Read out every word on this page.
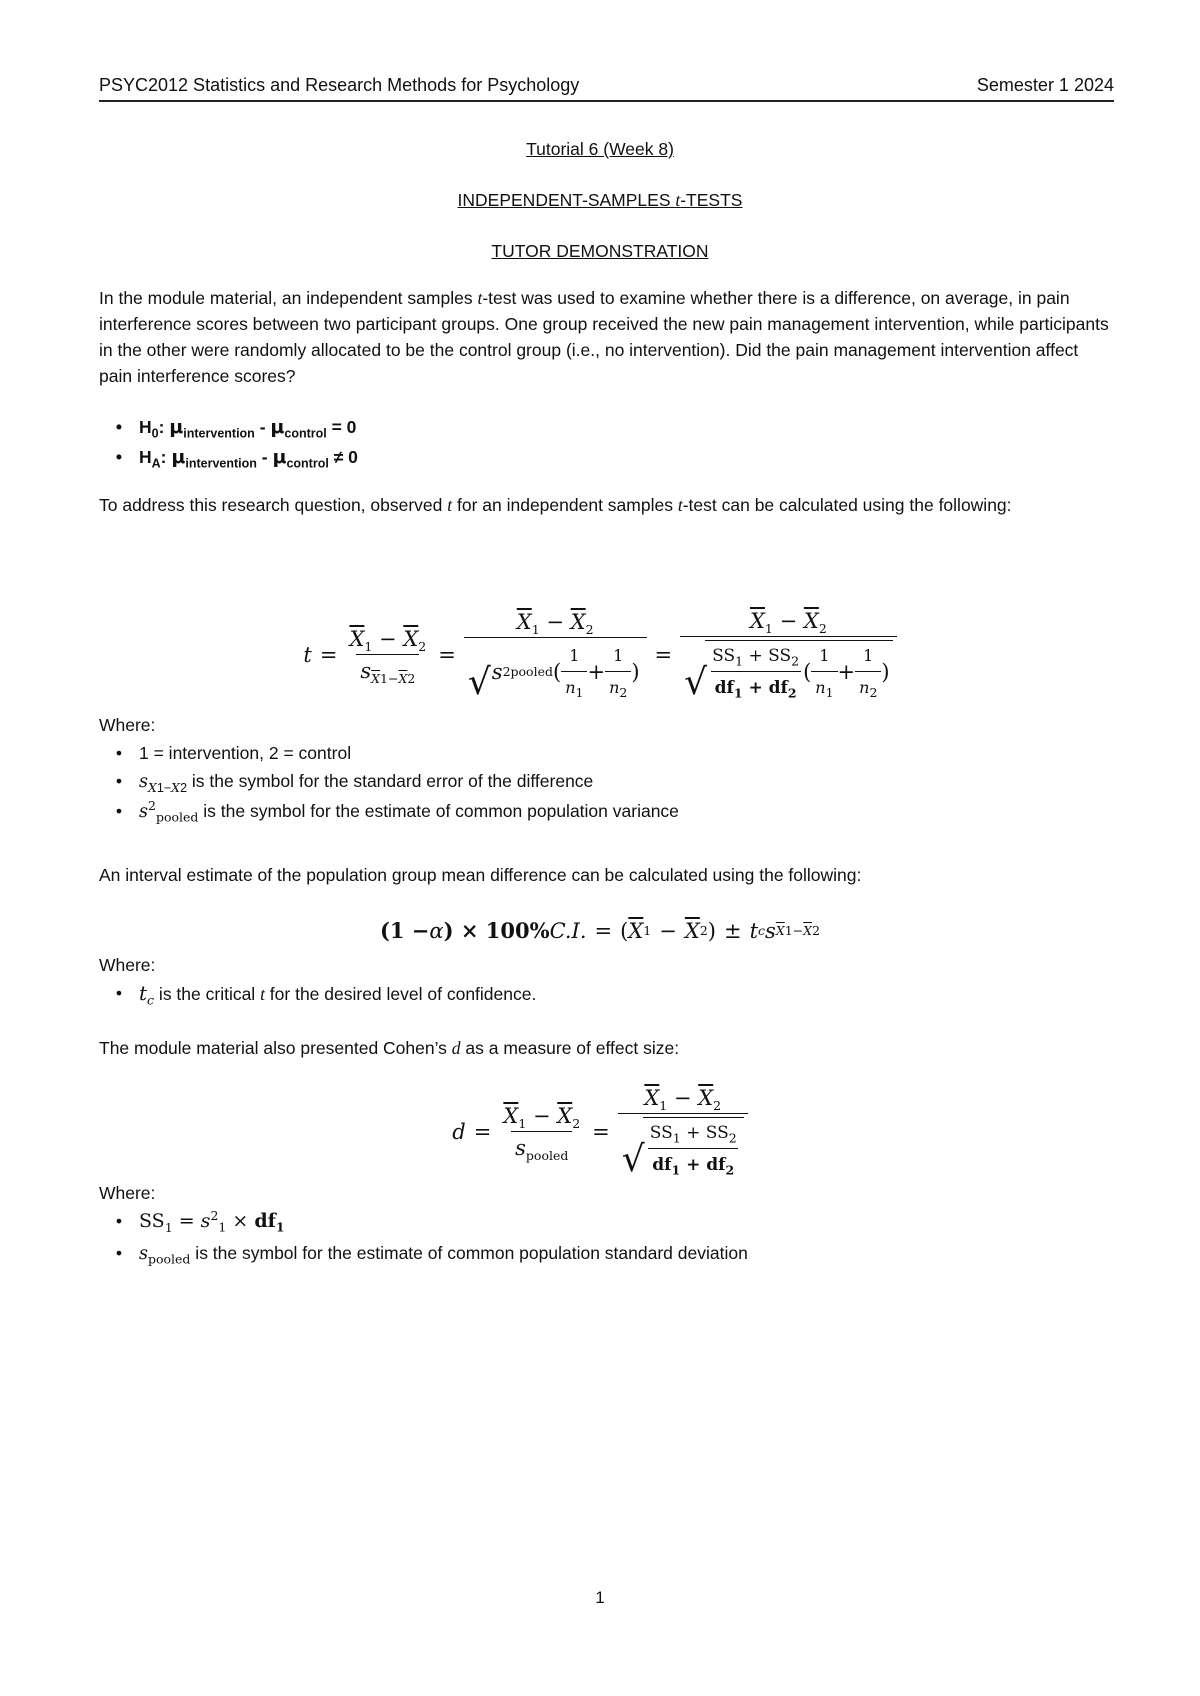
PSYC2012 Statistics and Research Methods for Psychology	Semester 1 2024
Tutorial 6 (Week 8)
INDEPENDENT-SAMPLES t-TESTS
TUTOR DEMONSTRATION
In the module material, an independent samples t-test was used to examine whether there is a difference, on average, in pain interference scores between two participant groups. One group received the new pain management intervention, while participants in the other were randomly allocated to be the control group (i.e., no intervention). Did the pain management intervention affect pain interference scores?
• $H_0$: $\mu_{intervention} - \mu_{control} = 0$
• $H_A$: $\mu_{intervention} - \mu_{control} \ne 0$
To address this research question, observed t for an independent samples t-test can be calculated using the following:
$t = \frac{\overline{X}_1 - \overline{X}_2}{s_{\overline{X}1-\overline{X}2}} = \frac{\overline{X}_1 - \overline{X}_2}{√ s 2 pooled ( \frac{1}{n_1} + \frac{1}{n_2} )} = \frac{\overline{X}_1 - \overline{X}_2}{√ \frac{SS_1 + SS_2}{df_1 + df_2} ( \frac{1}{n_1} + \frac{1}{n_2} )}$
Where:
• 1 = intervention, 2 = control
• $s_{X1-X2}$ is the symbol for the standard error of the difference
• $s^2_{pooled}$ is the symbol for the estimate of common population variance
An interval estimate of the population group mean difference can be calculated using the following:
(1 − α ) × 100% C.I. = ( $\overline{X}$ $1 - \overline{X}$ 2 ) ± t c s $\overline{X}1-\overline{X}2$
Where:
• $t_c$ is the critical t for the desired level of confidence.
The module material also presented Cohen’s d as a measure of effect size:
$d = \frac{\overline{X}_1 - \overline{X}_2}{s_{pooled}} = \frac{\overline{X}_1 - \overline{X}_2}{√ \frac{SS_1 + SS_2}{df_1 + df_2}}$
Where:
• $SS_1 = s^2_1 \times df_1$
• $s_{pooled}$ is the symbol for the estimate of common population standard deviation
1
